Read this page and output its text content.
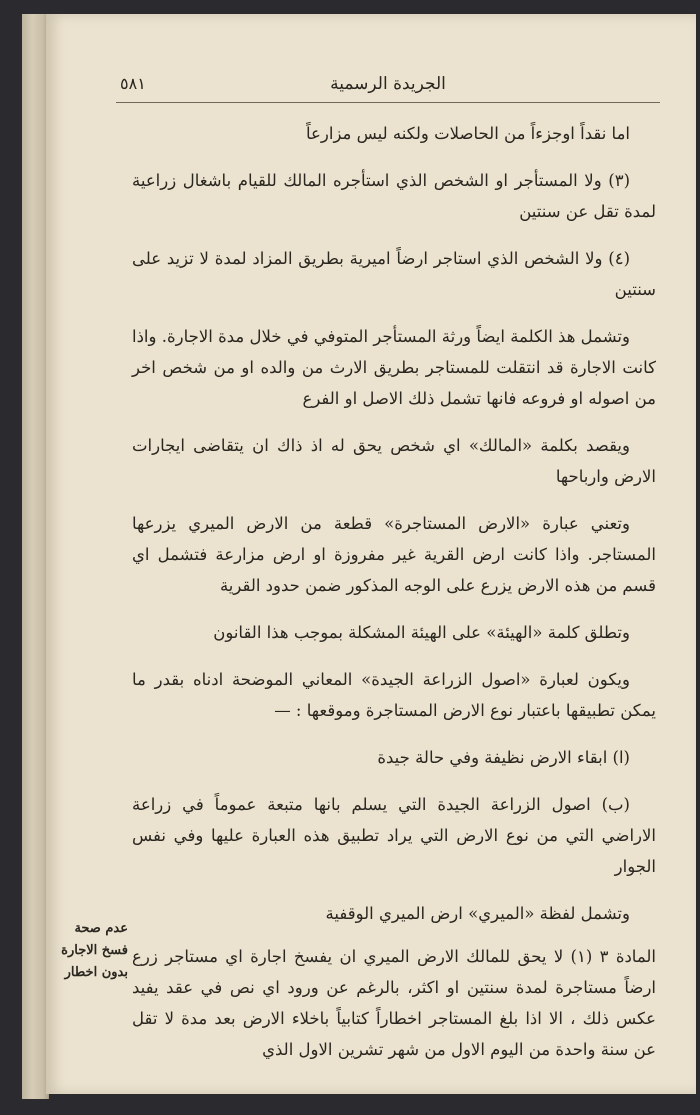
الجريدة الرسمية
٥٨١

اما نقداً اوجزءاً من الحاصلات ولكنه ليس مزارعاً

(٣) ولا المستأجر او الشخص الذي استأجره المالك للقيام باشغال زراعية لمدة تقل عن سنتين

(٤) ولا الشخص الذي استاجر ارضاً اميرية بطريق المزاد لمدة لا تزيد على سنتين

وتشمل هذ الكلمة ايضاً ورثة المستأجر المتوفي في خلال مدة الاجارة. واذا كانت الاجارة قد انتقلت للمستاجر بطريق الارث من والده او من شخص اخر من اصوله او فروعه فانها تشمل ذلك الاصل او الفرع

ويقصد بكلمة «المالك» اي شخص يحق له اذ ذاك ان يتقاضى ايجارات الارض وارباحها

وتعني عبارة «الارض المستاجرة» قطعة من الارض الميري يزرعها المستاجر. واذا كانت ارض القرية غير مفروزة او ارض مزارعة فتشمل اي قسم من هذه الارض يزرع على الوجه المذكور ضمن حدود القرية

وتطلق كلمة «الهيئة» على الهيئة المشكلة بموجب هذا القانون

ويكون لعبارة «اصول الزراعة الجيدة» المعاني الموضحة ادناه بقدر ما يمكن تطبيقها باعتبار نوع الارض المستاجرة وموقعها : —

(ا) ابقاء الارض نظيفة وفي حالة جيدة

(ب) اصول الزراعة الجيدة التي يسلم بانها متبعة عموماً في زراعة الاراضي التي من نوع الارض التي يراد تطبيق هذه العبارة عليها وفي نفس الجوار

وتشمل لفظة «الميري» ارض الميري الوقفية

المادة ٣ (١) لا يحق للمالك الارض الميري ان يفسخ اجارة اي مستاجر زرع ارضاً مستاجرة لمدة سنتين او اكثر، بالرغم عن ورود اي نص في عقد يفيد عكس ذلك ، الا اذا بلغ المستاجر اخطاراً كتابياً باخلاء الارض بعد مدة لا تقل عن سنة واحدة من اليوم الاول من شهر تشرين الاول الذي

عدم صحة فسخ الاجارة بدون اخطار
